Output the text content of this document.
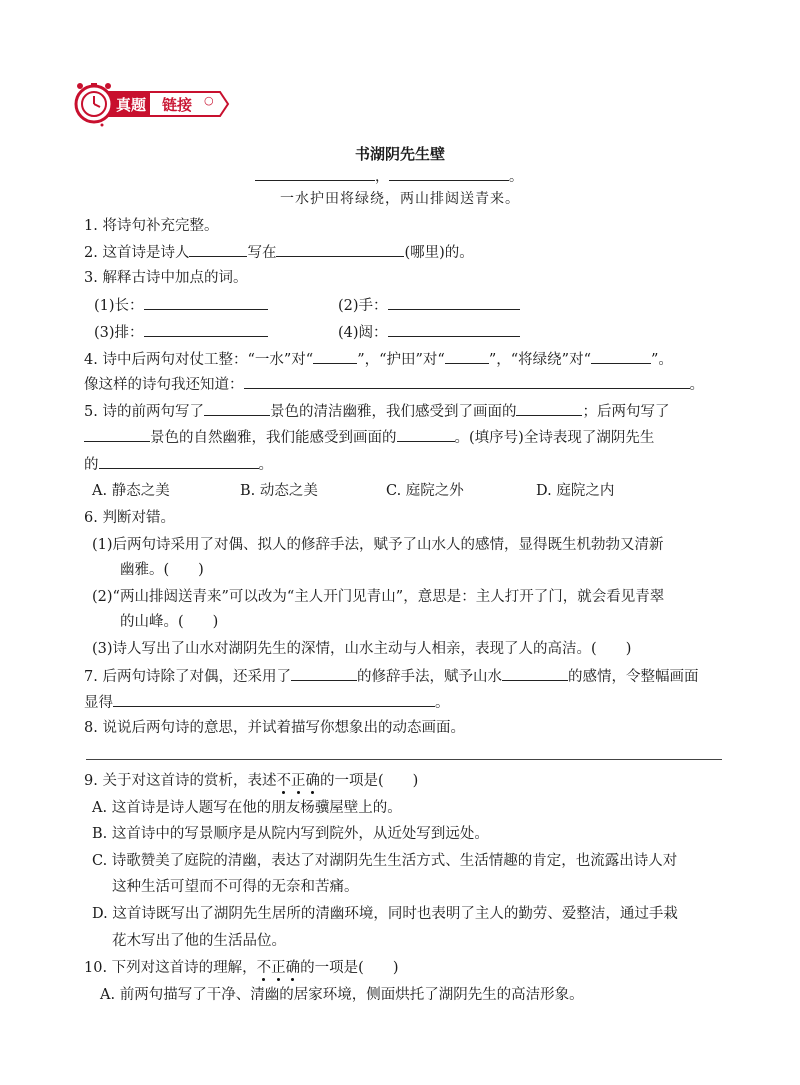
真题 链接 ○
书湖阴先生壁
，	。
一水护田将绿绕，两山排闼送青来。
1. 将诗句补充完整。
2. 这首诗是诗人	写在	(哪里)的。
3. 解释古诗中加点的词。
(1)长：	(2)手：
(3)排：	(4)闼：
4. 诗中后两句对仗工整：“一水”对“	”，“护田”对“	”，“将绿绕”对“	”。
像这样的诗句我还知道：	。
5. 诗的前两句写了	景色的清洁幽雅，我们感受到了画面的	；后两句写了
景色的自然幽雅，我们能感受到画面的	。(填序号)全诗表现了湖阴先生
的	。
A. 静态之美	B. 动态之美	C. 庭院之外	D. 庭院之内
6. 判断对错。
(1)后两句诗采用了对偶、拟人的修辞手法，赋予了山水人的感情，显得既生机勃勃又清新
幽雅。(　　)
(2)“两山排闼送青来”可以改为“主人开门见青山”，意思是：主人打开了门，就会看见青翠
的山峰。(　　)
(3)诗人写出了山水对湖阴先生的深情，山水主动与人相亲，表现了人的高洁。(　　)
7. 后两句诗除了对偶，还采用了	的修辞手法，赋予山水	的感情，令整幅画面
显得	。
8. 说说后两句诗的意思，并试着描写你想象出的动态画面。
9. 关于对这首诗的赏析，表述不正确的一项是(　　)
A. 这首诗是诗人题写在他的朋友杨骥屋壁上的。
B. 这首诗中的写景顺序是从院内写到院外，从近处写到远处。
C. 诗歌赞美了庭院的清幽，表达了对湖阴先生生活方式、生活情趣的肯定，也流露出诗人对
这种生活可望而不可得的无奈和苦痛。
D. 这首诗既写出了湖阴先生居所的清幽环境，同时也表明了主人的勤劳、爱整洁，通过手栽
花木写出了他的生活品位。
10. 下列对这首诗的理解，不正确的一项是(　　)
A. 前两句描写了干净、清幽的居家环境，侧面烘托了湖阴先生的高洁形象。
